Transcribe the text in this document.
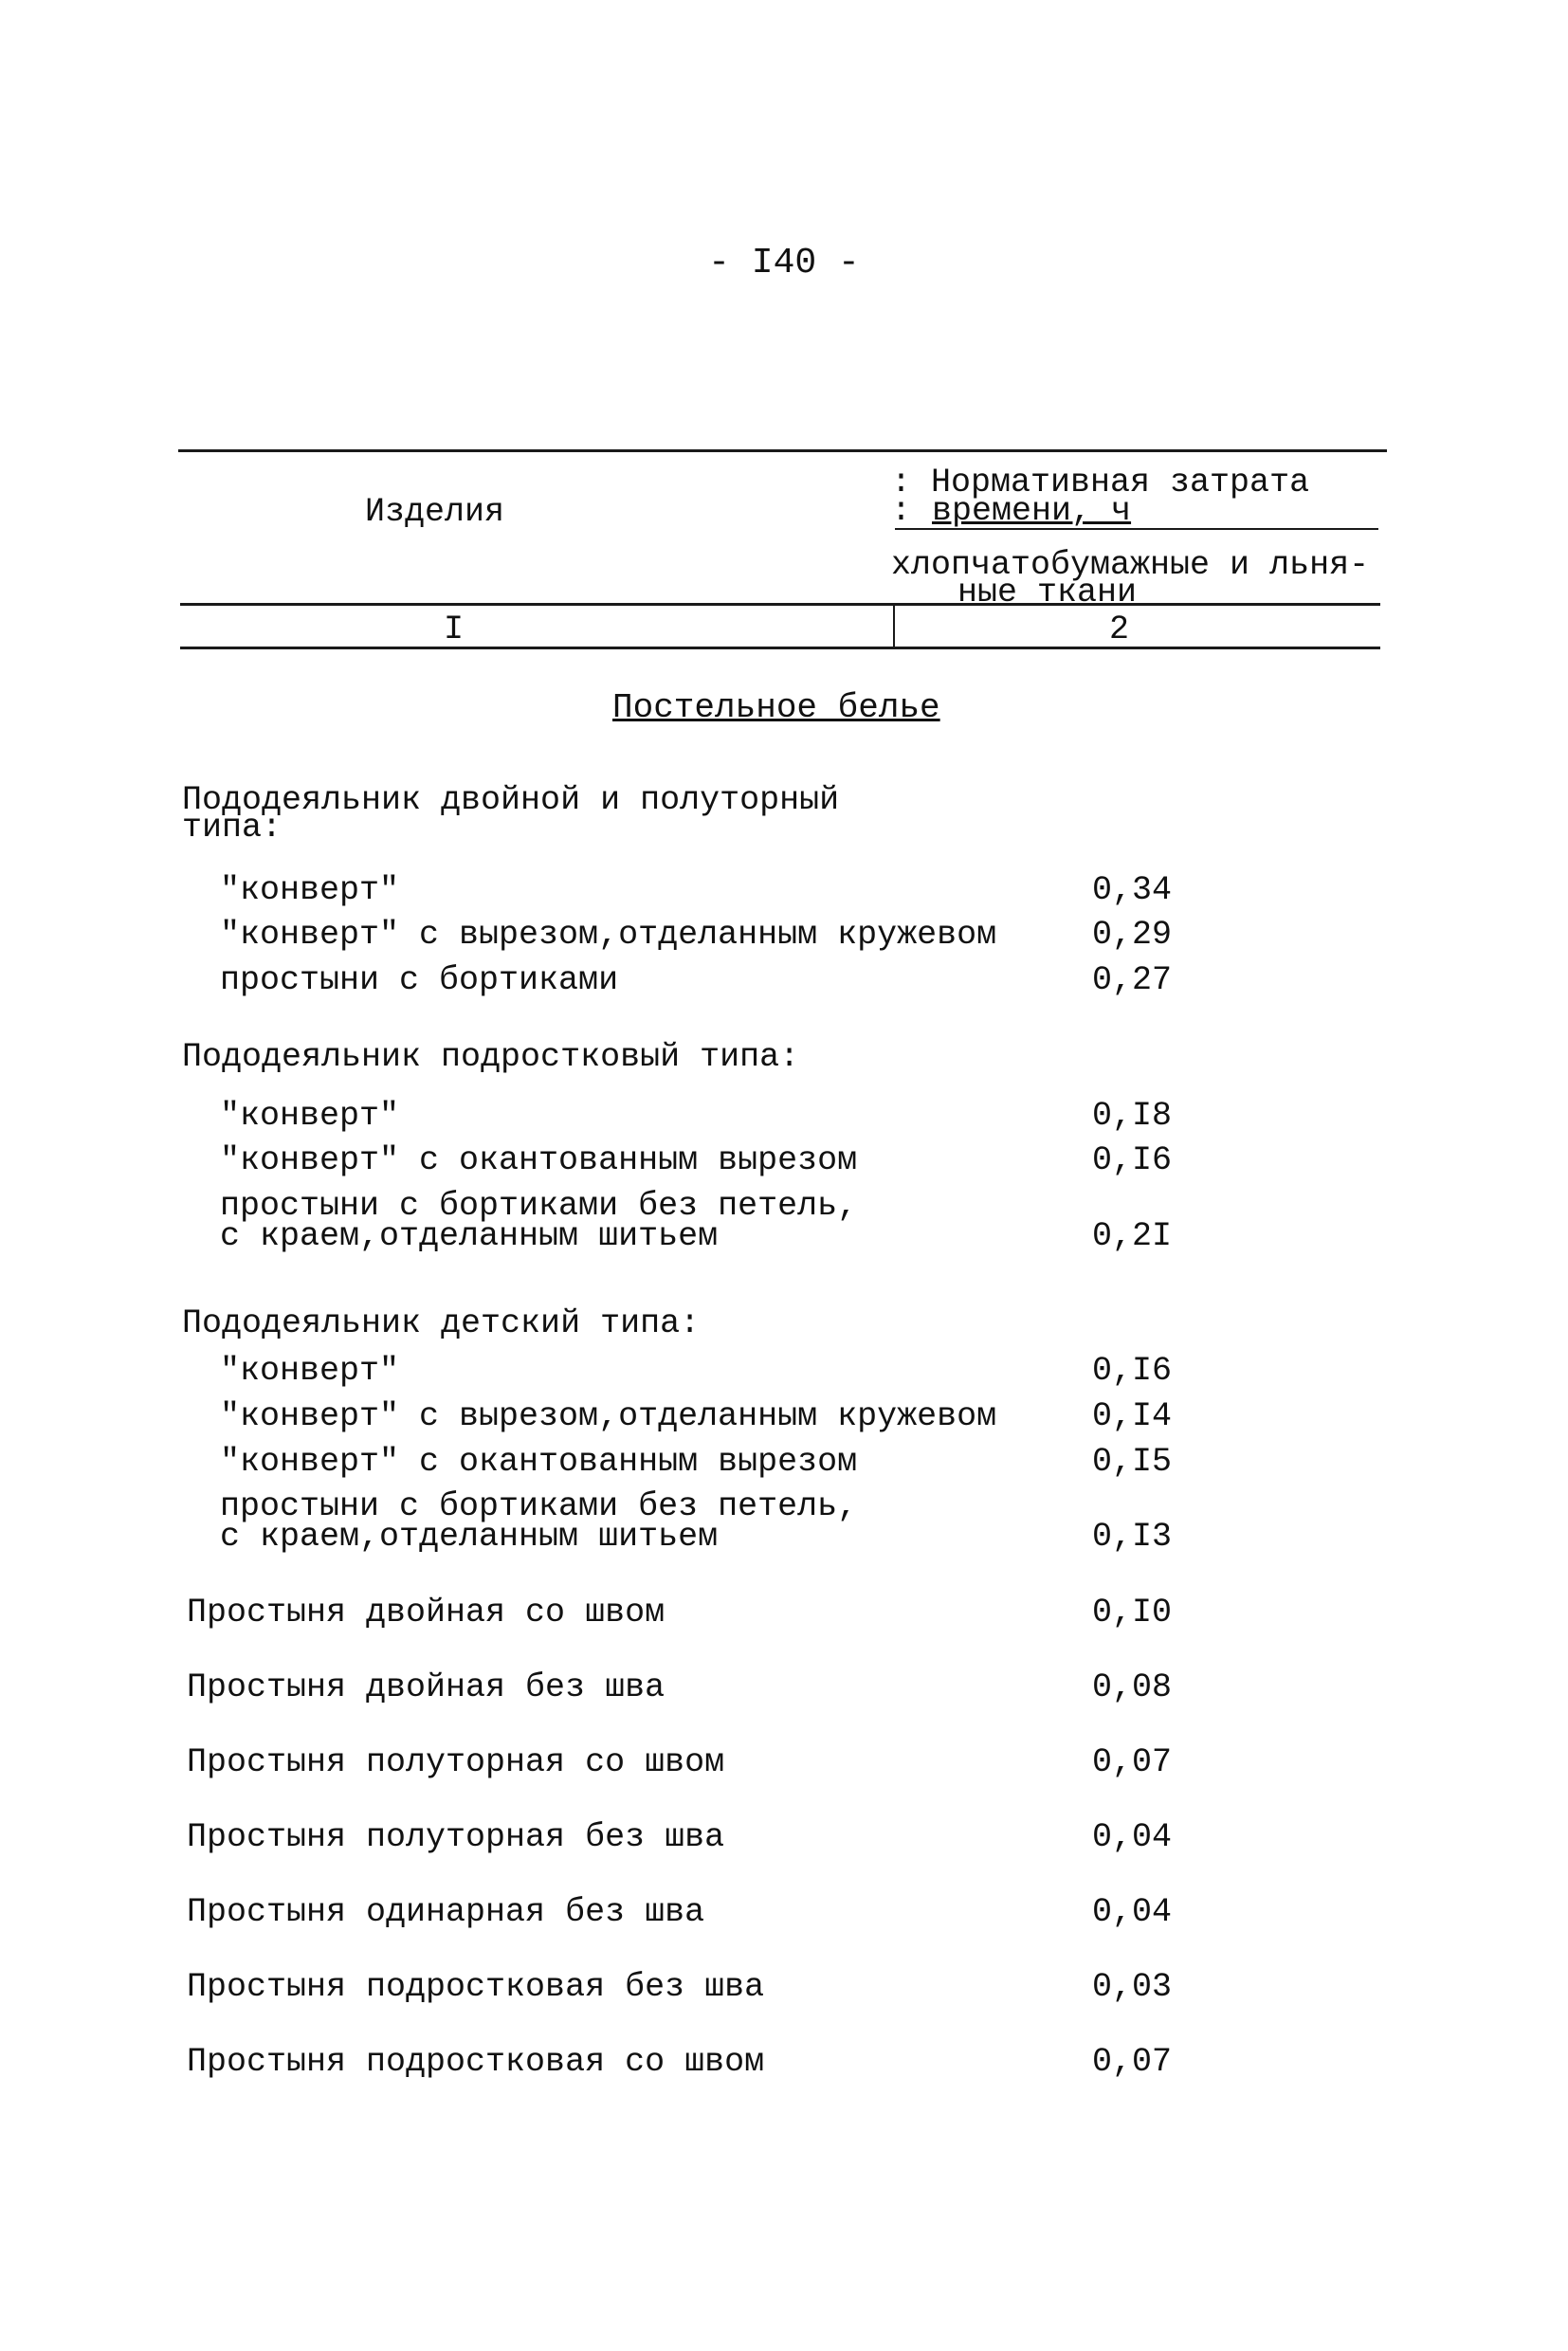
- I40 -
Изделия
: Нормативная затрата
: времени, ч
хлопчатобумажные и льня-
ные ткани
I	2
Постельное белье
Пододеяльник двойной и полуторный
типа:
"конверт"	0,34
"конверт" с вырезом,отделанным кружевом	0,29
простыни с бортиками	0,27
Пододеяльник подростковый типа:
"конверт"	0,I8
"конверт" с окантованным вырезом	0,I6
простыни с бортиками без петель,
с краем,отделанным шитьем	0,2I
Пододеяльник детский типа:
"конверт"	0,I6
"конверт" с вырезом,отделанным кружевом	0,I4
"конверт" с окантованным вырезом	0,I5
простыни с бортиками без петель,
с краем,отделанным шитьем	0,I3
Простыня двойная со швом	0,I0
Простыня двойная без шва	0,08
Простыня полуторная со швом	0,07
Простыня полуторная без шва	0,04
Простыня одинарная без шва	0,04
Простыня подростковая без шва	0,03
Простыня подростковая со швом	0,07
